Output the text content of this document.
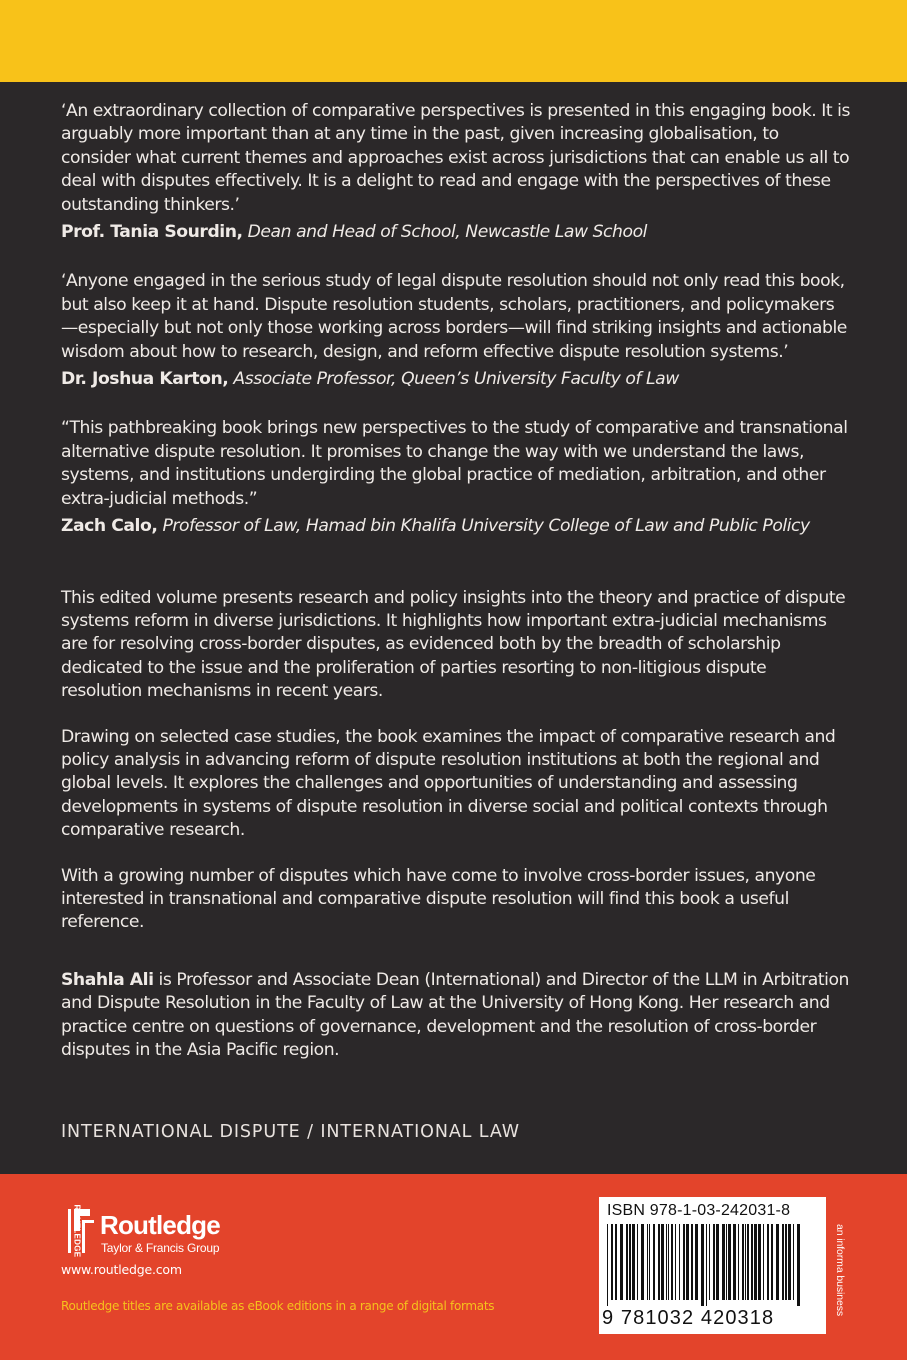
‘An extraordinary collection of comparative perspectives is presented in this engaging book. It is arguably more important than at any time in the past, given increasing globalisation, to consider what current themes and approaches exist across jurisdictions that can enable us all to deal with disputes effectively. It is a delight to read and engage with the perspectives of these outstanding thinkers.’

Prof. Tania Sourdin, Dean and Head of School, Newcastle Law School

‘Anyone engaged in the serious study of legal dispute resolution should not only read this book, but also keep it at hand. Dispute resolution students, scholars, practitioners, and policymakers—especially but not only those working across borders—will find striking insights and actionable wisdom about how to research, design, and reform effective dispute resolution systems.’

Dr. Joshua Karton, Associate Professor, Queen’s University Faculty of Law

“This pathbreaking book brings new perspectives to the study of comparative and transnational alternative dispute resolution. It promises to change the way with we understand the laws, systems, and institutions undergirding the global practice of mediation, arbitration, and other extra-judicial methods.”

Zach Calo, Professor of Law, Hamad bin Khalifa University College of Law and Public Policy

This edited volume presents research and policy insights into the theory and practice of dispute systems reform in diverse jurisdictions. It highlights how important extra-judicial mechanisms are for resolving cross-border disputes, as evidenced both by the breadth of scholarship dedicated to the issue and the proliferation of parties resorting to non-litigious dispute resolution mechanisms in recent years.

Drawing on selected case studies, the book examines the impact of comparative research and policy analysis in advancing reform of dispute resolution institutions at both the regional and global levels. It explores the challenges and opportunities of understanding and assessing developments in systems of dispute resolution in diverse social and political contexts through comparative research.

With a growing number of disputes which have come to involve cross-border issues, anyone interested in transnational and comparative dispute resolution will find this book a useful reference.

Shahla Ali is Professor and Associate Dean (International) and Director of the LLM in Arbitration and Dispute Resolution in the Faculty of Law at the University of Hong Kong. Her research and practice centre on questions of governance, development and the resolution of cross-border disputes in the Asia Pacific region.

INTERNATIONAL DISPUTE / INTERNATIONAL LAW
ROUTLEDGE Routledge
Taylor & Francis Group
www.routledge.com
Routledge titles are available as eBook editions in a range of digital formats
ISBN 978-1-03-242031-8
9 781032 420318
an informa business
